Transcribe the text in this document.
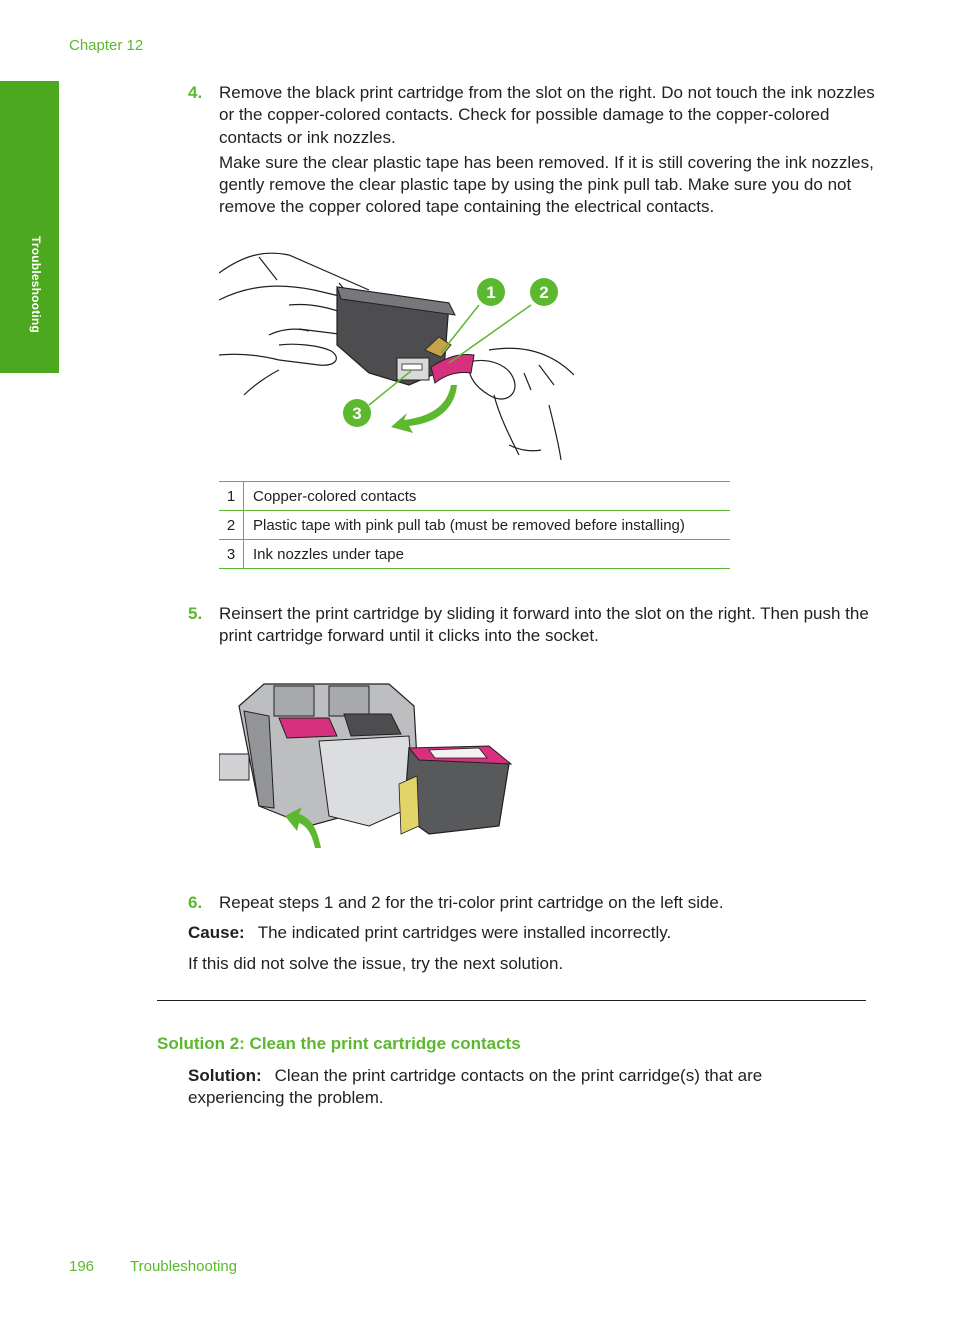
Chapter 12
Troubleshooting
4. Remove the black print cartridge from the slot on the right. Do not touch the ink nozzles or the copper-colored contacts. Check for possible damage to the copper-colored contacts or ink nozzles.

Make sure the clear plastic tape has been removed. If it is still covering the ink nozzles, gently remove the clear plastic tape by using the pink pull tab. Make sure you do not remove the copper colored tape containing the electrical contacts.

1	2
3
1	Copper-colored contacts
2	Plastic tape with pink pull tab (must be removed before installing)
3	Ink nozzles under tape
5. Reinsert the print cartridge by sliding it forward into the slot on the right. Then push the print cartridge forward until it clicks into the socket.

6. Repeat steps 1 and 2 for the tri-color print cartridge on the left side.

Cause: The indicated print cartridges were installed incorrectly.
If this did not solve the issue, try the next solution.
Solution 2: Clean the print cartridge contacts
Solution: Clean the print cartridge contacts on the print carridge(s) that are experiencing the problem.
196 Troubleshooting
